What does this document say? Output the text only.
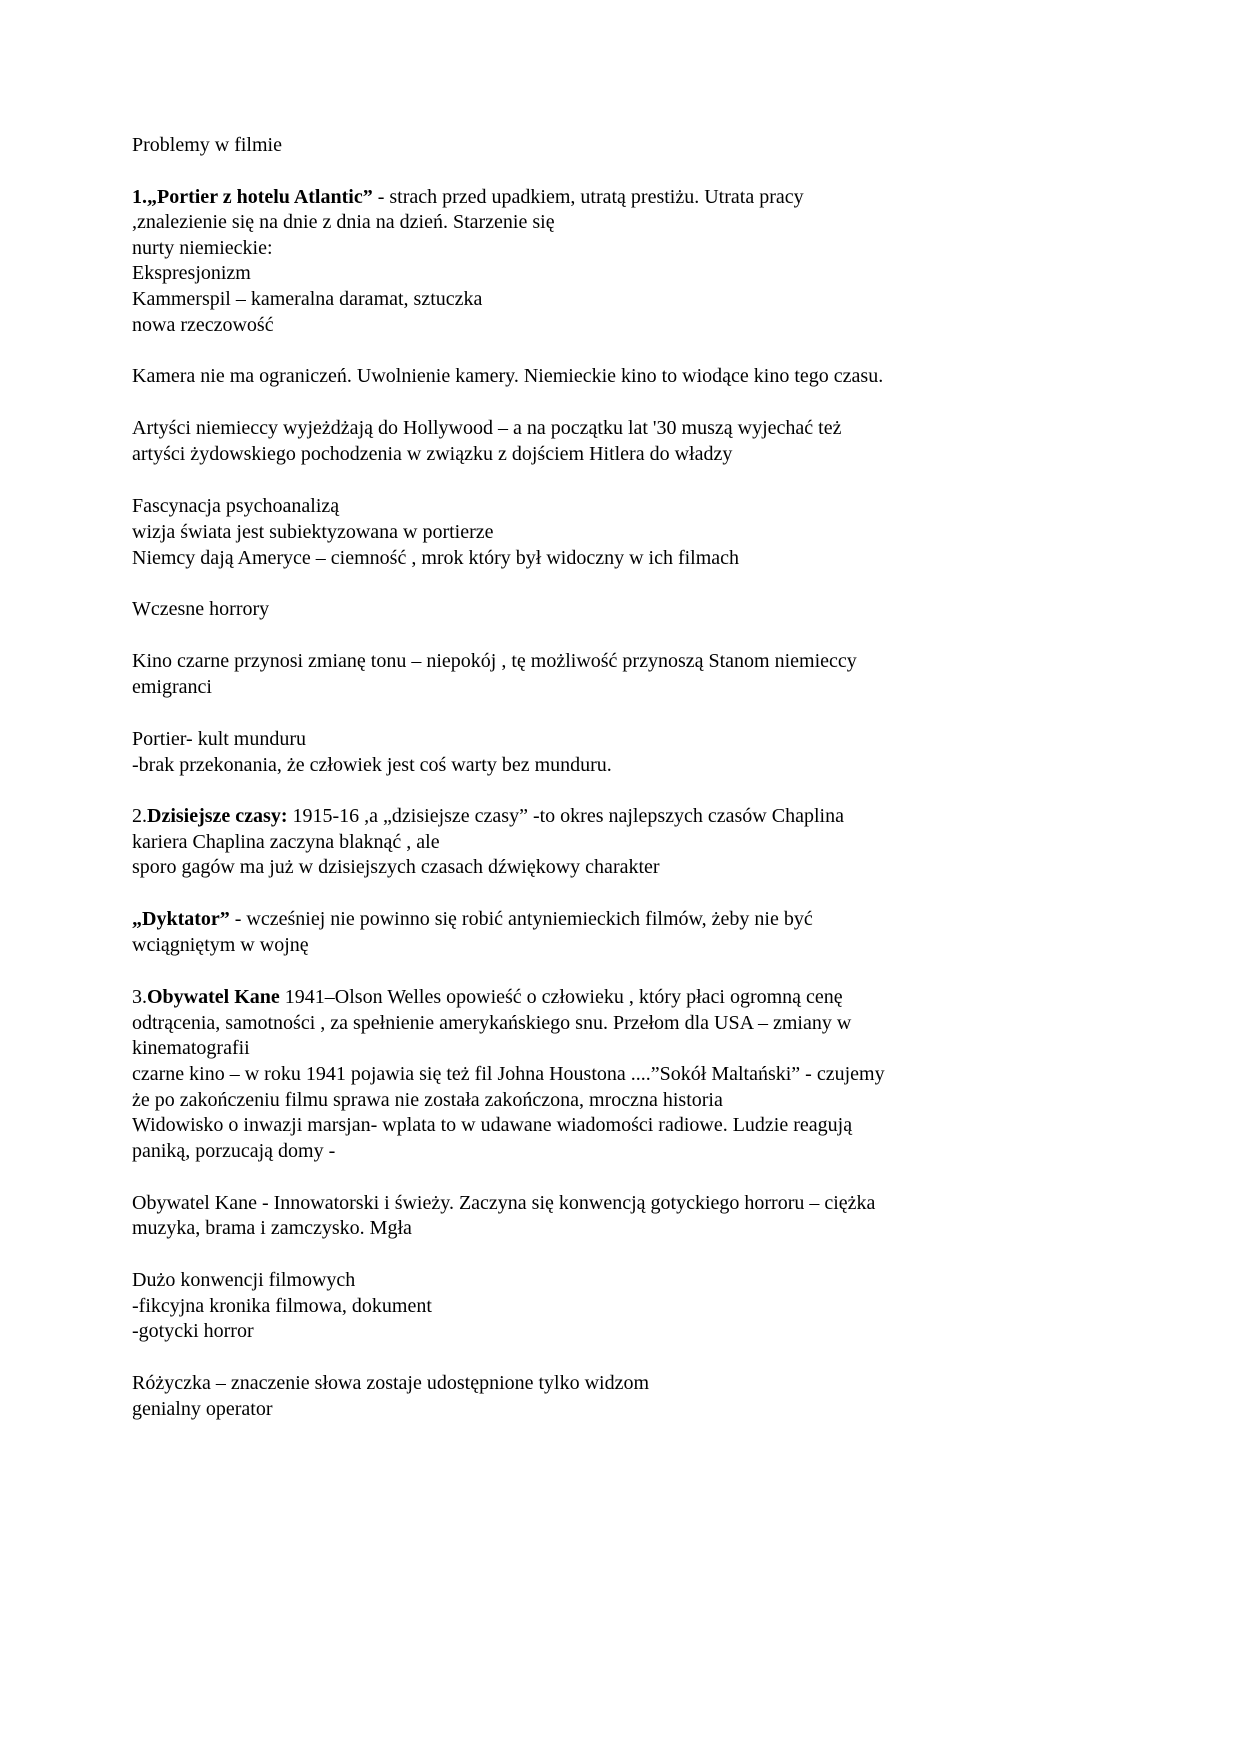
Problemy w filmie
1.„Portier z hotelu Atlantic” - strach przed upadkiem, utratą prestiżu. Utrata pracy
,znalezienie się na dnie z dnia na dzień. Starzenie się
nurty niemieckie:
Ekspresjonizm
Kammerspil – kameralna daramat, sztuczka
nowa rzeczowość
Kamera nie ma ograniczeń. Uwolnienie kamery. Niemieckie kino to wiodące kino tego czasu.
Artyści niemieccy wyjeżdżają do Hollywood – a na początku lat '30 muszą wyjechać też
artyści żydowskiego pochodzenia w związku z dojściem Hitlera do władzy
Fascynacja psychoanalizą
wizja świata jest subiektyzowana w portierze
Niemcy dają Ameryce – ciemność , mrok który był widoczny w ich filmach
Wczesne horrory
Kino czarne przynosi zmianę tonu – niepokój , tę możliwość przynoszą Stanom niemieccy
emigranci
Portier- kult munduru
-brak przekonania, że człowiek jest coś warty bez munduru.
2.Dzisiejsze czasy: 1915-16 ,a „dzisiejsze czasy” -to okres najlepszych czasów Chaplina
kariera Chaplina zaczyna blaknąć , ale
sporo gagów ma już w dzisiejszych czasach dźwiękowy charakter
„Dyktator” - wcześniej nie powinno się robić antyniemieckich filmów, żeby nie być
wciągniętym w wojnę
3.Obywatel Kane 1941–Olson Welles opowieść o człowieku , który płaci ogromną cenę
odtrącenia, samotności , za spełnienie amerykańskiego snu. Przełom dla USA – zmiany w
kinematografii
czarne kino – w roku 1941 pojawia się też fil Johna Houstona ....”Sokół Maltański” - czujemy
że po zakończeniu filmu sprawa nie została zakończona, mroczna historia
Widowisko o inwazji marsjan- wplata to w udawane wiadomości radiowe. Ludzie reagują
paniką, porzucają domy -
Obywatel Kane - Innowatorski i świeży. Zaczyna się konwencją gotyckiego horroru – ciężka
muzyka, brama i zamczysko. Mgła
Dużo konwencji filmowych
-fikcyjna kronika filmowa, dokument
-gotycki horror
Różyczka – znaczenie słowa zostaje udostępnione tylko widzom
genialny operator
